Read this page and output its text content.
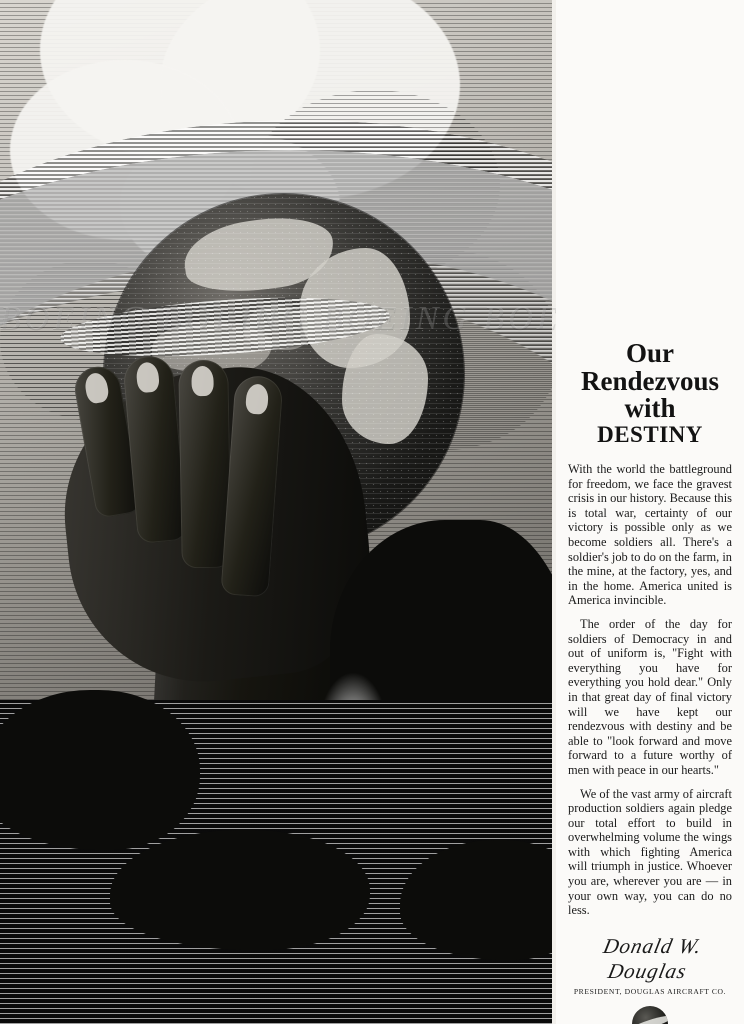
Our
Rendezvous
with
DESTINY

With the world the battleground for freedom, we face the gravest crisis in our history. Because this is total war, certainty of our victory is possible only as we become soldiers all. There's a soldier's job to do on the farm, in the mine, at the factory, yes, and in the home. America united is America invincible.

The order of the day for soldiers of Democracy in and out of uniform is, "Fight with everything you have for everything you hold dear." Only in that great day of final victory will we have kept our rendezvous with destiny and be able to "look forward and move forward to a future worthy of men with peace in our hearts."

We of the vast army of aircraft production soldiers again pledge our total effort to build in overwhelming volume the wings with which fighting America will triumph in justice. Whoever you are, wherever you are — in your own way, you can do no less.

Donald W. Douglas
PRESIDENT, DOUGLAS AIRCRAFT CO.
